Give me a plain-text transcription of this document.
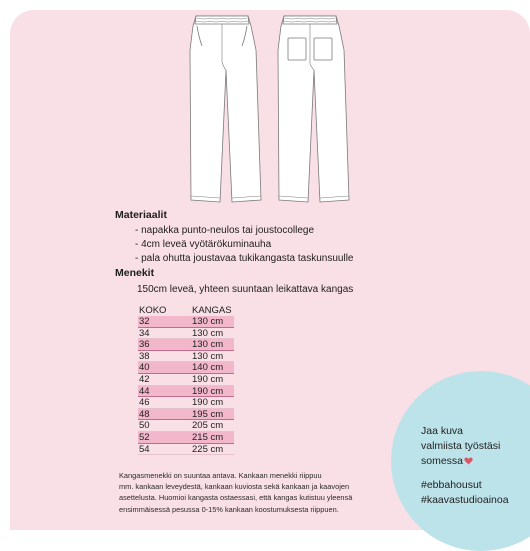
Materiaalit
- napakka punto-neulos tai joustocollege
- 4cm leveä vyötärökuminauha
- pala ohutta joustavaa tukikangasta taskunsuulle
Menekit
150cm leveä, yhteen suuntaan leikattava kangas
KOKO	KANGAS
32	130 cm
34	130 cm
36	130 cm
38	130 cm
40	140 cm
42	190 cm
44	190 cm
46	190 cm
48	195 cm
50	205 cm
52	215 cm
54	225 cm
Kangasmenekki on suuntaa antava. Kankaan menekki riippuu
mm. kankaan leveydestä, kankaan kuviosta sekä kankaan ja kaavojen
asettelusta. Huomioi kangasta ostaessasi, että kangas kutistuu yleensä
ensimmäisessä pesussa 0-15% kankaan koostumuksesta riippuen.
Jaa kuva
valmiista työstäsi
somessa
#ebbahousut
#kaavastudioainoa
